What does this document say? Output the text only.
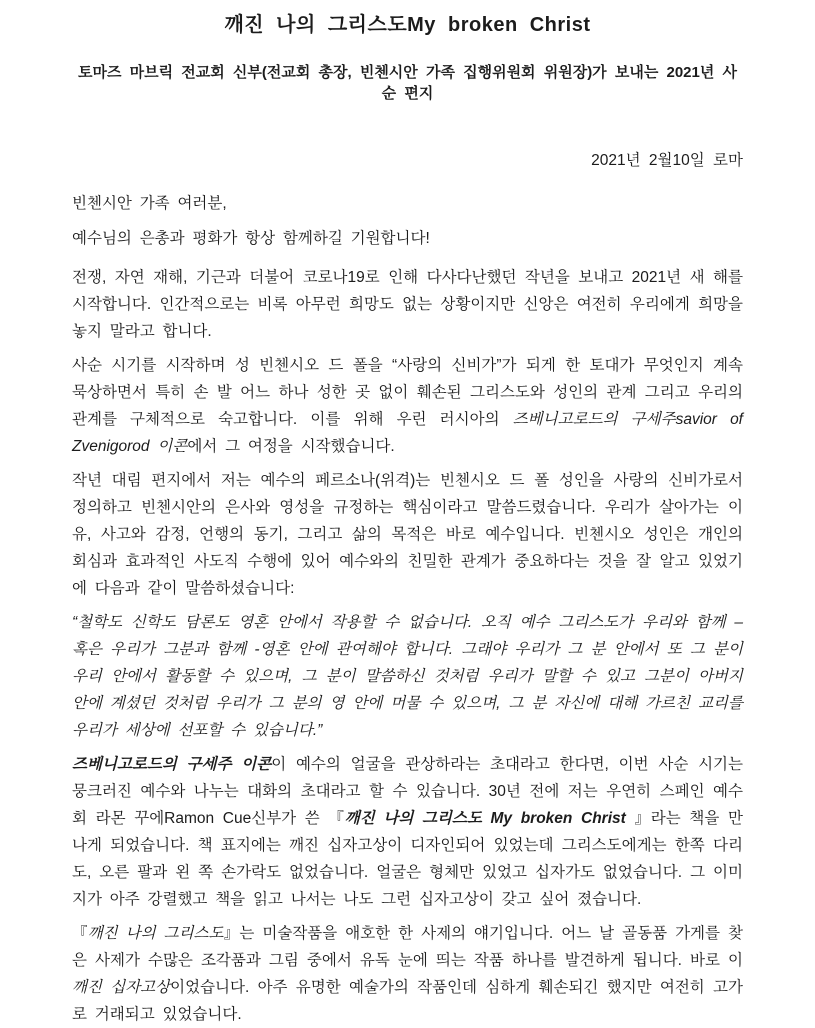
깨진 나의 그리스도My broken Christ
토마즈 마브릭 전교회 신부(전교회 총장, 빈첸시안 가족 집행위원회 위원장)가 보내는 2021년 사순 편지
2021년 2월10일 로마

빈첸시안 가족 여러분,

예수님의 은총과 평화가 항상 함께하길 기원합니다!

전쟁, 자연 재해, 기근과 더불어 코로나19로 인해 다사다난했던 작년을 보내고 2021년 새 해를 시작합니다. 인간적으로는 비록 아무런 희망도 없는 상황이지만 신앙은 여전히 우리에게 희망을 놓지 말라고 합니다.

사순 시기를 시작하며 성 빈첸시오 드 폴을 “사랑의 신비가”가 되게 한 토대가 무엇인지 계속 묵상하면서 특히 손 발 어느 하나 성한 곳 없이 훼손된 그리스도와 성인의 관계 그리고 우리의 관계를 구체적으로 숙고합니다. 이를 위해 우린 러시아의 즈베니고로드의 구세주savior of Zvenigorod 이콘에서 그 여정을 시작했습니다.

작년 대림 편지에서 저는 예수의 페르소나(위격)는 빈첸시오 드 폴 성인을 사랑의 신비가로서 정의하고 빈첸시안의 은사와 영성을 규정하는 핵심이라고 말씀드렸습니다. 우리가 살아가는 이유, 사고와 감정, 언행의 동기, 그리고 삶의 목적은 바로 예수입니다. 빈첸시오 성인은 개인의 회심과 효과적인 사도직 수행에 있어 예수와의 친밀한 관계가 중요하다는 것을 잘 알고 있었기에 다음과 같이 말씀하셨습니다:

“철학도 신학도 담론도 영혼 안에서 작용할 수 없습니다. 오직 예수 그리스도가 우리와 함께 – 혹은 우리가 그분과 함께 -영혼 안에 관여해야 합니다. 그래야 우리가 그 분 안에서 또 그 분이 우리 안에서 활동할 수 있으며, 그 분이 말씀하신 것처럼 우리가 말할 수 있고 그분이 아버지 안에 계셨던 것처럼 우리가 그 분의 영 안에 머물 수 있으며, 그 분 자신에 대해 가르친 교리를 우리가 세상에 선포할 수 있습니다.”

즈베니고로드의 구세주 이콘이 예수의 얼굴을 관상하라는 초대라고 한다면, 이번 사순 시기는 뭉크러진 예수와 나누는 대화의 초대라고 할 수 있습니다. 30년 전에 저는 우연히 스페인 예수회 라몬 꾸에Ramon Cue신부가 쓴 『깨진 나의 그리스도 My broken Christ 』라는 책을 만나게 되었습니다. 책 표지에는 깨진 십자고상이 디자인되어 있었는데 그리스도에게는 한쪽 다리도, 오른 팔과 왼 쪽 손가락도 없었습니다. 얼굴은 형체만 있었고 십자가도 없었습니다. 그 이미지가 아주 강렬했고 책을 읽고 나서는 나도 그런 십자고상이 갖고 싶어 졌습니다.

『깨진 나의 그리스도』는 미술작품을 애호한 한 사제의 얘기입니다. 어느 날 골동품 가게를 찾은 사제가 수많은 조각품과 그림 중에서 유독 눈에 띄는 작품 하나를 발견하게 됩니다. 바로 이 깨진 십자고상이었습니다. 아주 유명한 예술가의 작품인데 심하게 훼손되긴 했지만 여전히 고가로 거래되고 있었습니다.
